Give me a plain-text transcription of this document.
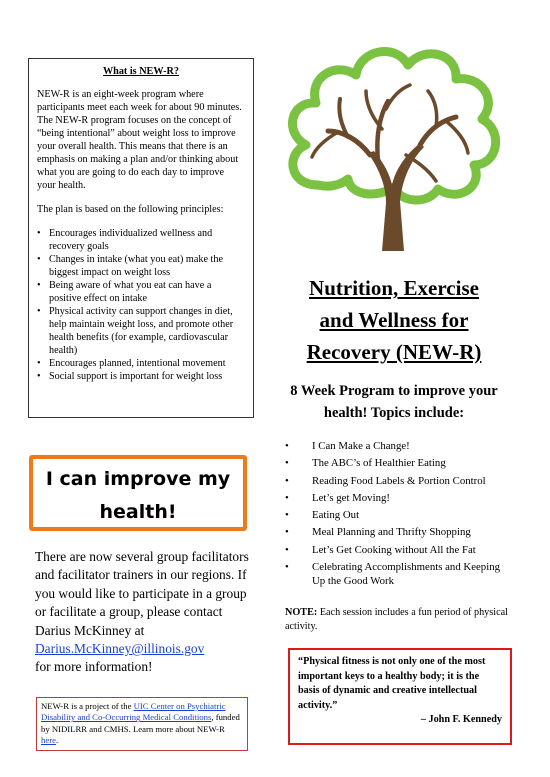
What is NEW-R?

NEW-R is an eight-week program where participants meet each week for about 90 minutes. The NEW-R program focuses on the concept of “being intentional” about weight loss to improve your overall health. This means that there is an emphasis on making a plan and/or thinking about what you are going to do each day to improve your health.

The plan is based on the following principles:

• Encourages individualized wellness and recovery goals
• Changes in intake (what you eat) make the biggest impact on weight loss
• Being aware of what you eat can have a positive effect on intake
• Physical activity can support changes in diet, help maintain weight loss, and promote other health benefits (for example, cardiovascular health)
• Encourages planned, intentional movement
• Social support is important for weight loss
I can improve my health!
There are now several group facilitators and facilitator trainers in our regions. If you would like to participate in a group or facilitate a group, please contact Darius McKinney at
Darius.McKinney@illinois.gov
for more information!
NEW-R is a project of the UIC Center on Psychiatric Disability and Co-Occurring Medical Conditions, funded by NIDILRR and CMHS. Learn more about NEW-R here.
Nutrition, Exercise
and Wellness for
Recovery (NEW-R)
8 Week Program to improve your health! Topics include:
• I Can Make a Change!
• The ABC’s of Healthier Eating
• Reading Food Labels & Portion Control
• Let’s get Moving!
• Eating Out
• Meal Planning and Thrifty Shopping
• Let’s Get Cooking without All the Fat
• Celebrating Accomplishments and Keeping Up the Good Work
NOTE: Each session includes a fun period of physical activity.
“Physical fitness is not only one of the most important keys to a healthy body; it is the basis of dynamic and creative intellectual activity.”
– John F. Kennedy
